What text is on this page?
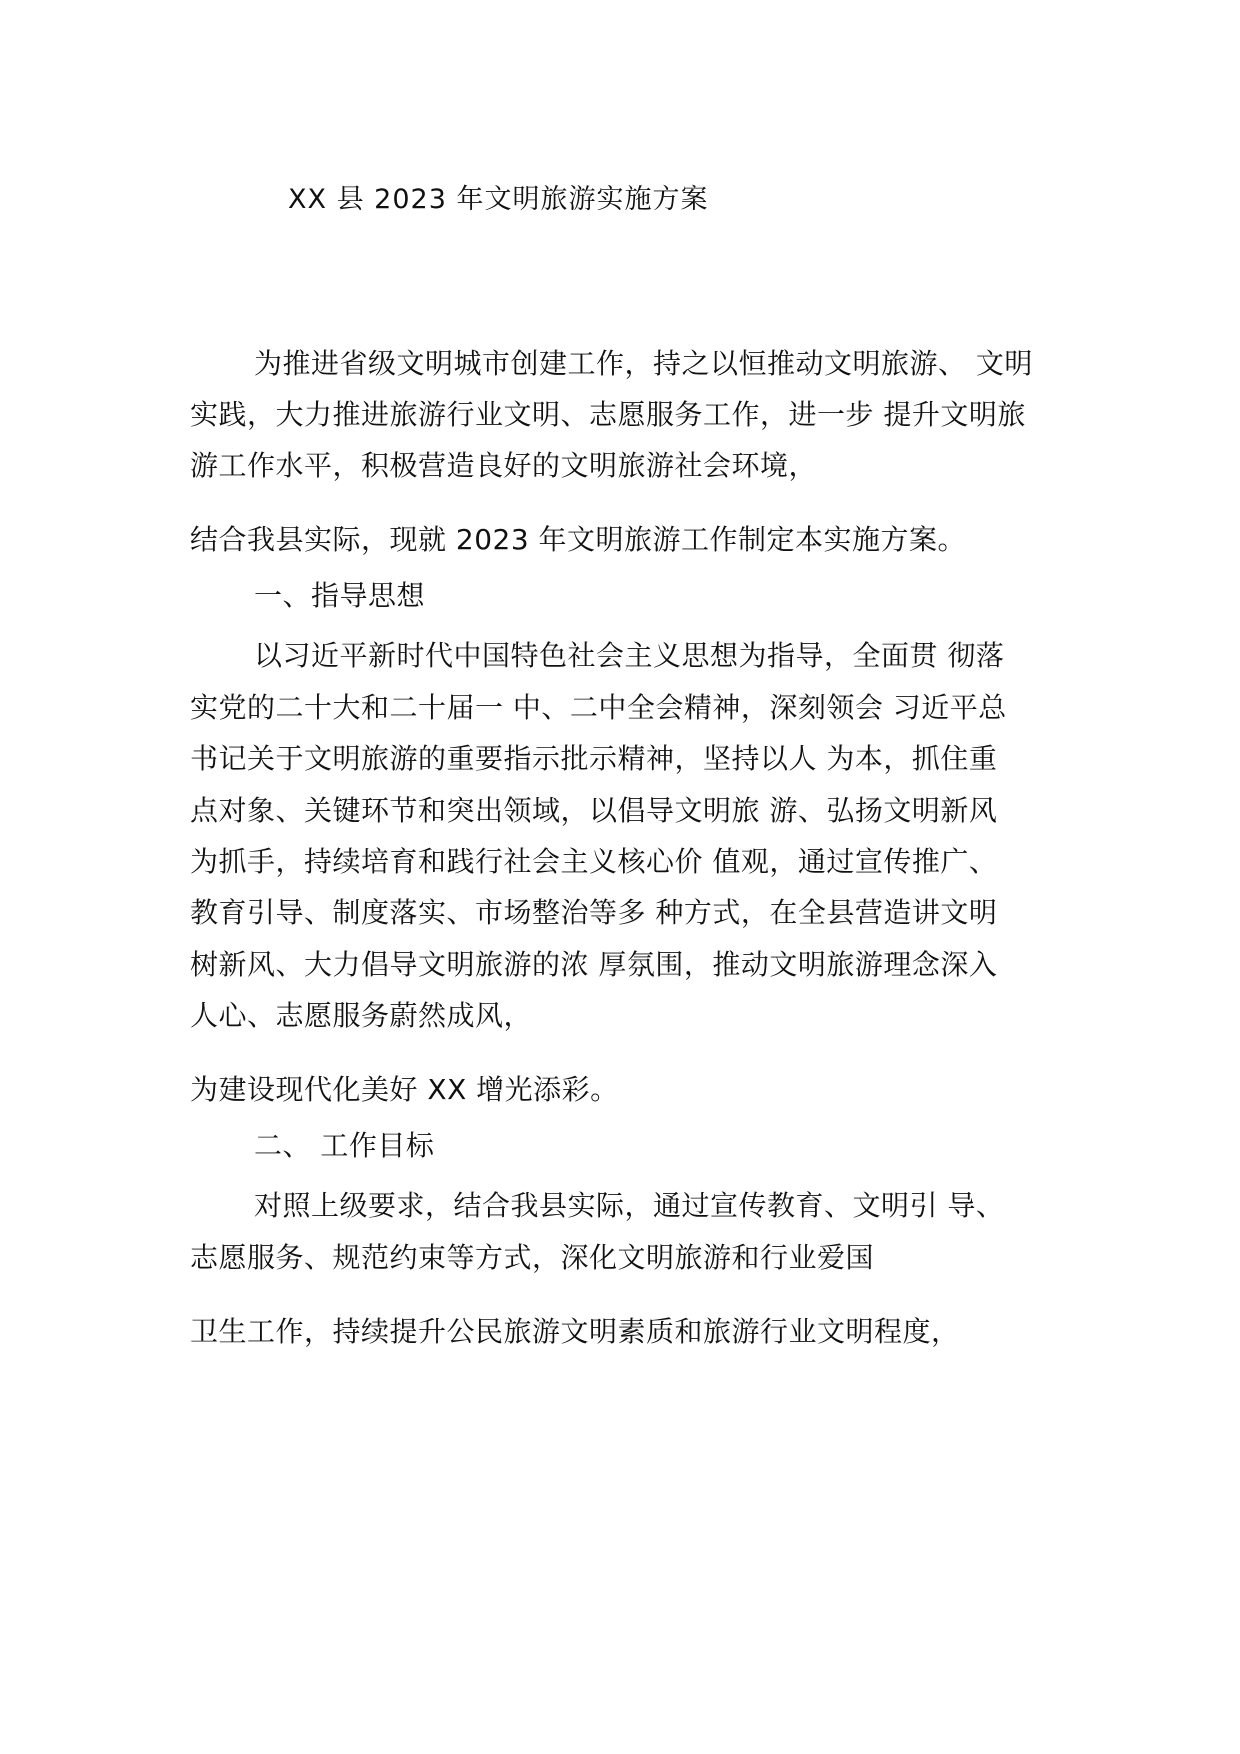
XX 县 2023 年文明旅游实施方案
为推进省级文明城市创建工作，持之以恒推动文明旅游、 文明
实践，大力推进旅游行业文明、志愿服务工作，进一步 提升文明旅
游工作水平，积极营造良好的文明旅游社会环境，
结合我县实际，现就 2023 年文明旅游工作制定本实施方案。
一、指导思想
以习近平新时代中国特色社会主义思想为指导，全面贯 彻落
实党的二十大和二十届一 中、二中全会精神，深刻领会 习近平总
书记关于文明旅游的重要指示批示精神，坚持以人 为本，抓住重
点对象、关键环节和突出领域，以倡导文明旅 游、弘扬文明新风
为抓手，持续培育和践行社会主义核心价 值观，通过宣传推广、
教育引导、制度落实、市场整治等多 种方式，在全县营造讲文明
树新风、大力倡导文明旅游的浓 厚氛围，推动文明旅游理念深入
人心、志愿服务蔚然成风，
为建设现代化美好 XX 增光添彩。
二、 工作目标
对照上级要求，结合我县实际，通过宣传教育、文明引 导、
志愿服务、规范约束等方式，深化文明旅游和行业爱国
卫生工作，持续提升公民旅游文明素质和旅游行业文明程度，
